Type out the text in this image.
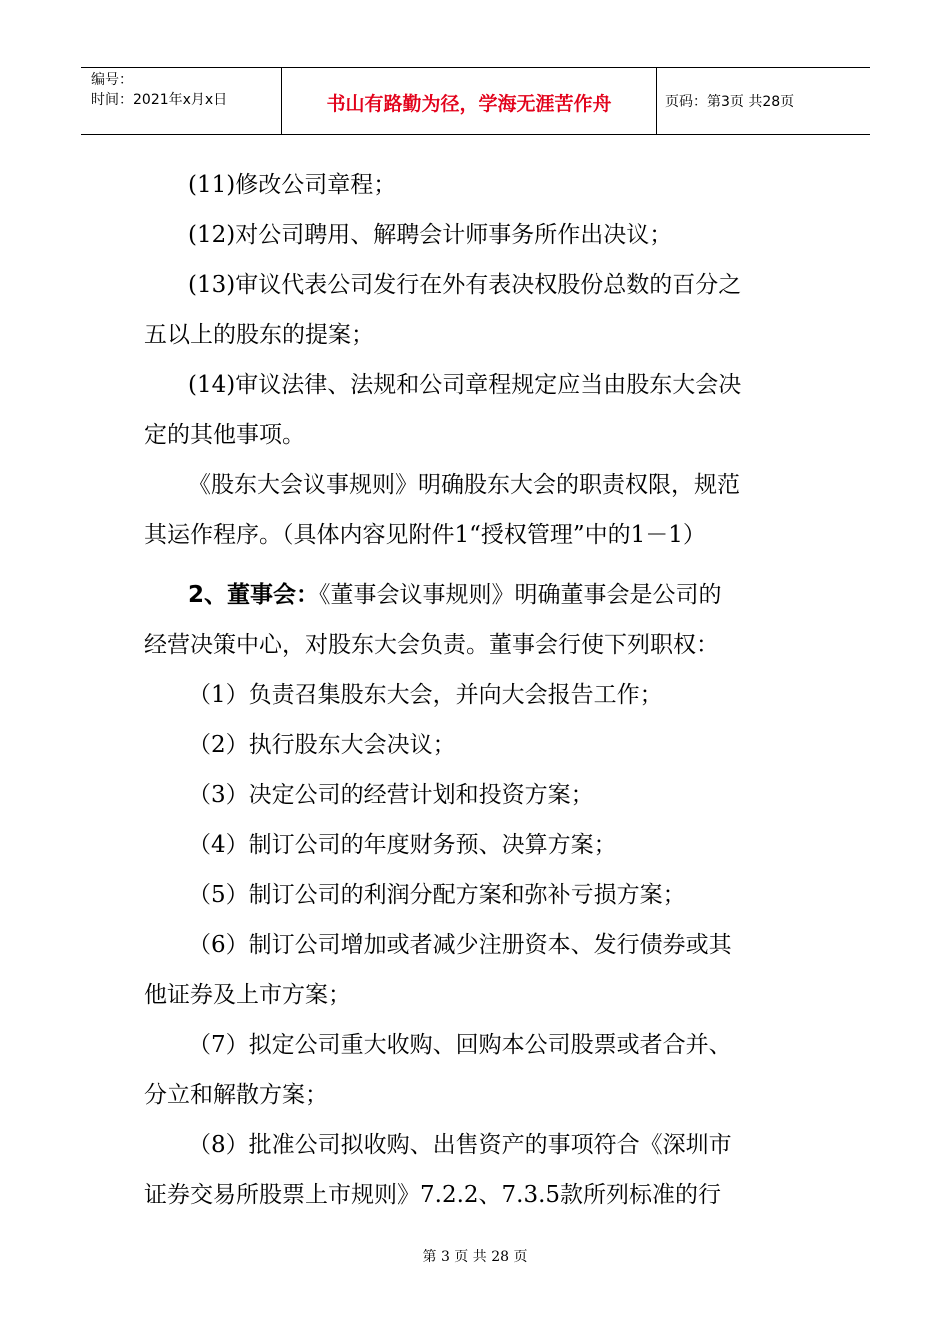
编号：
时间：2021年x月x日	书山有路勤为径，学海无涯苦作舟	页码：第3页 共28页
(11)修改公司章程；
(12)对公司聘用、解聘会计师事务所作出决议；
(13)审议代表公司发行在外有表决权股份总数的百分之
五以上的股东的提案；
(14)审议法律、法规和公司章程规定应当由股东大会决
定的其他事项。
《股东大会议事规则》明确股东大会的职责权限，规范
其运作程序。（具体内容见附件1“授权管理”中的1－1）
2、董事会：《董事会议事规则》明确董事会是公司的
经营决策中心，对股东大会负责。董事会行使下列职权：
（1）负责召集股东大会，并向大会报告工作；
（2）执行股东大会决议；
（3）决定公司的经营计划和投资方案；
（4）制订公司的年度财务预、决算方案；
（5）制订公司的利润分配方案和弥补亏损方案；
（6）制订公司增加或者减少注册资本、发行债券或其
他证券及上市方案；
（7）拟定公司重大收购、回购本公司股票或者合并、
分立和解散方案；
（8）批准公司拟收购、出售资产的事项符合《深圳市
证券交易所股票上市规则》7.2.2、7.3.5款所列标准的行
第 3 页 共 28 页
